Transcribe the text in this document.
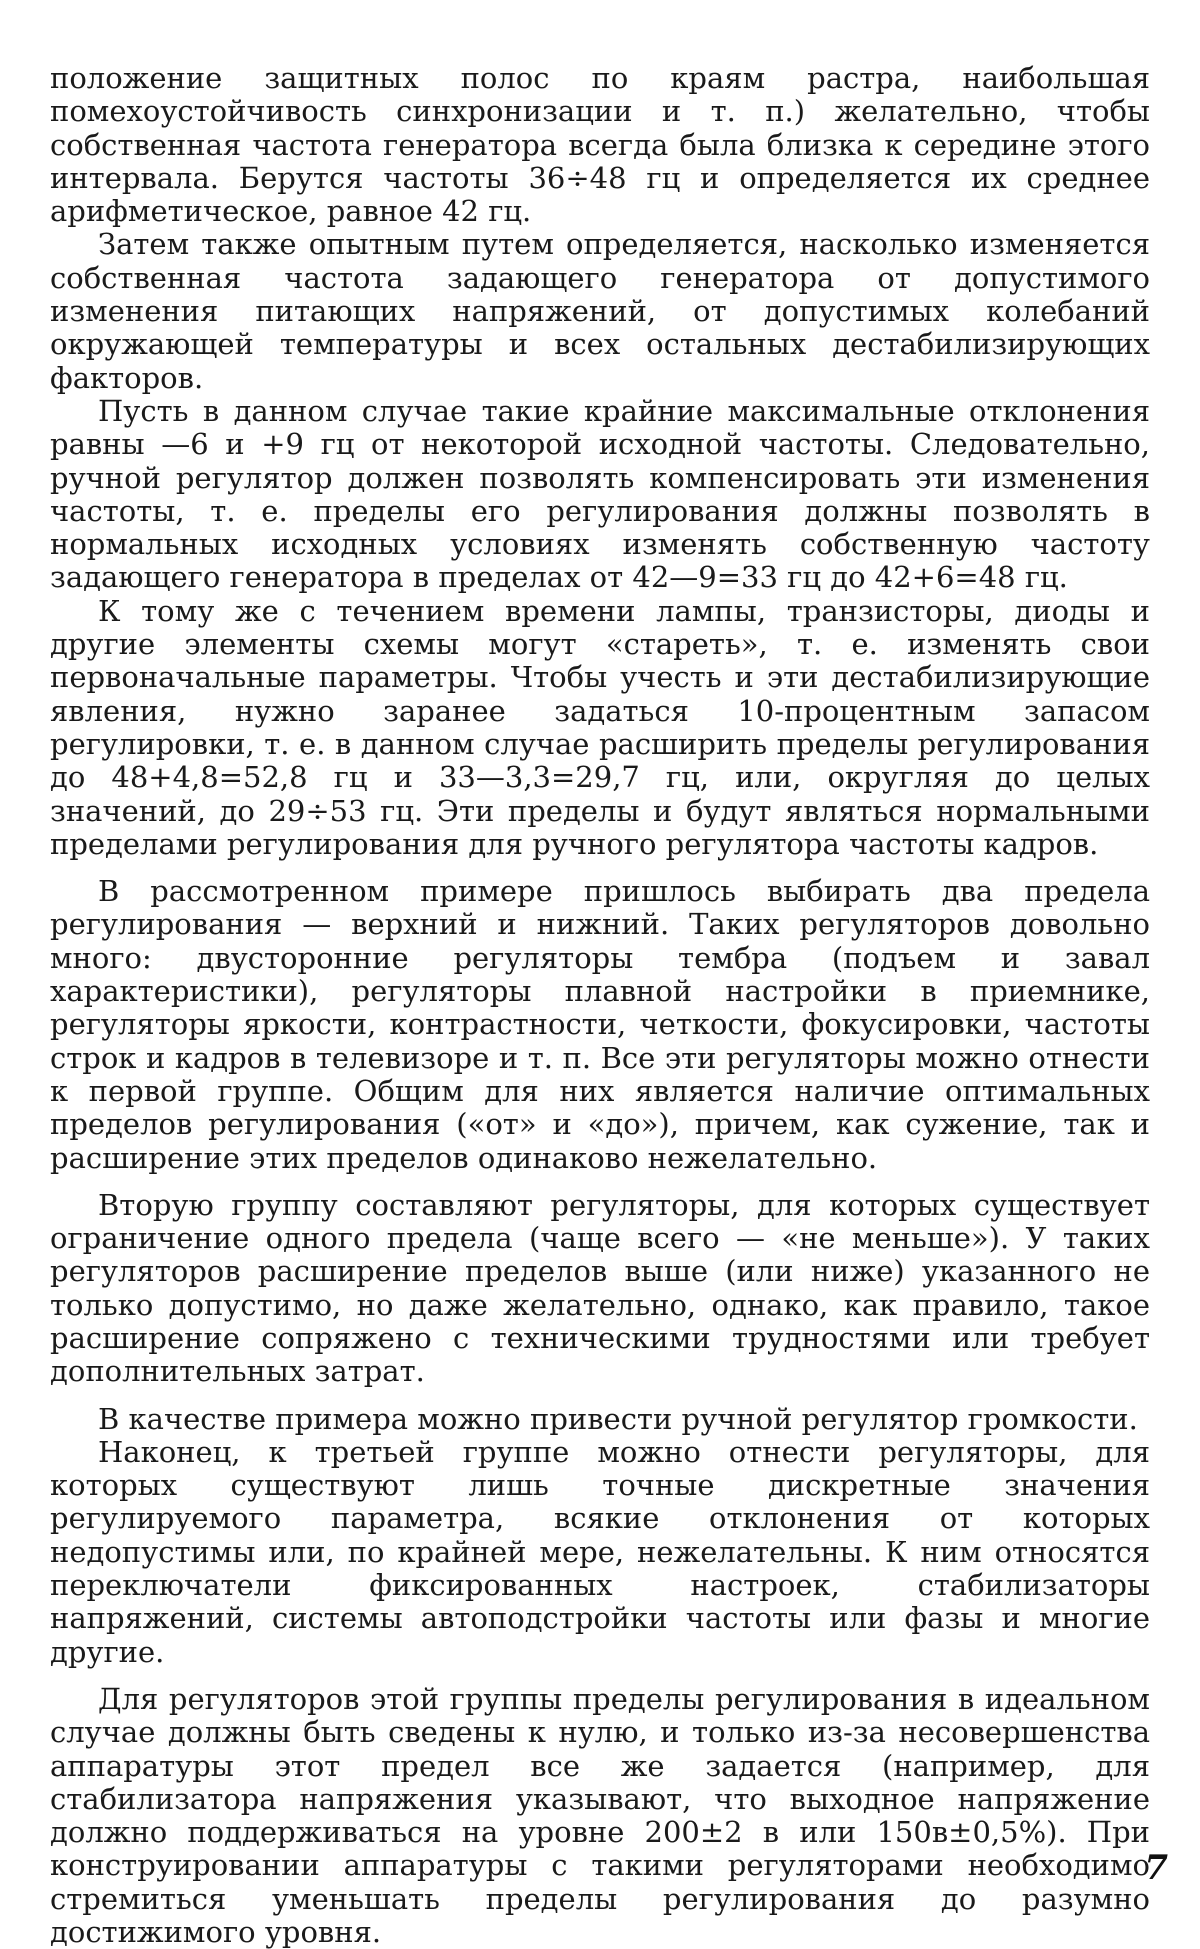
положение защитных полос по краям растра, наибольшая помехоустойчивость синхронизации и т. п.) желательно, чтобы собственная частота генератора всегда была близка к середине этого интервала. Берутся частоты 36÷48 гц и определяется их среднее арифметическое, равное 42 гц.

Затем также опытным путем определяется, насколько изменяется собственная частота задающего генератора от допустимого изменения питающих напряжений, от допустимых колебаний окружающей температуры и всех остальных дестабилизирующих факторов.

Пусть в данном случае такие крайние максимальные отклонения равны —6 и +9 гц от некоторой исходной частоты. Следовательно, ручной регулятор должен позволять компенсировать эти изменения частоты, т. е. пределы его регулирования должны позволять в нормальных исходных условиях изменять собственную частоту задающего генератора в пределах от 42—9=33 гц до 42+6=48 гц.

К тому же с течением времени лампы, транзисторы, диоды и другие элементы схемы могут «стареть», т. е. изменять свои первоначальные параметры. Чтобы учесть и эти дестабилизирующие явления, нужно заранее задаться 10-процентным запасом регулировки, т. е. в данном случае расширить пределы регулирования до 48+4,8=52,8 гц и 33—3,3=29,7 гц, или, округляя до целых значений, до 29÷53 гц. Эти пределы и будут являться нормальными пределами регулирования для ручного регулятора частоты кадров.

В рассмотренном примере пришлось выбирать два предела регулирования — верхний и нижний. Таких регуляторов довольно много: двусторонние регуляторы тембра (подъем и завал характеристики), регуляторы плавной настройки в приемнике, регуляторы яркости, контрастности, четкости, фокусировки, частоты строк и кадров в телевизоре и т. п. Все эти регуляторы можно отнести к первой группе. Общим для них является наличие оптимальных пределов регулирования («от» и «до»), причем, как сужение, так и расширение этих пределов одинаково нежелательно.

Вторую группу составляют регуляторы, для которых существует ограничение одного предела (чаще всего — «не меньше»). У таких регуляторов расширение пределов выше (или ниже) указанного не только допустимо, но даже желательно, однако, как правило, такое расширение сопряжено с техническими трудностями или требует дополнительных затрат.

В качестве примера можно привести ручной регулятор громкости.

Наконец, к третьей группе можно отнести регуляторы, для которых существуют лишь точные дискретные значения регулируемого параметра, всякие отклонения от которых недопустимы или, по крайней мере, нежелательны. К ним относятся переключатели фиксированных настроек, стабилизаторы напряжений, системы автоподстройки частоты или фазы и многие другие.

Для регуляторов этой группы пределы регулирования в идеальном случае должны быть сведены к нулю, и только из-за несовершенства аппаратуры этот предел все же задается (например, для стабилизатора напряжения указывают, что выходное напряжение должно поддерживаться на уровне 200±2 в или 150в±0,5%). При конструировании аппаратуры с такими регуляторами необходимо стремиться уменьшать пределы регулирования до разумно достижимого уровня.

7
